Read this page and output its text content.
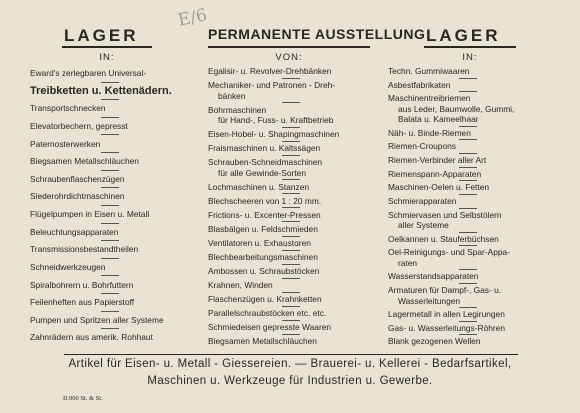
E/6
LAGER
IN:
Eward's zerlegbaren Universal-
Treibketten u. Kettenädern.
Transportschnecken
Elevatorbechern, gepresst
Paternosterwerken
Biegsamen Metallschläuchen
Schraubenflaschenzügen
Siederohrdichtmaschinen
Flügelpumpen in Eisen u. Metall
Beleuchtungsapparaten
Transmissionsbestandtheilen
Schneidwerkzeugen
Spiralbohrern u. Bohrfuttern
Feilenheften aus Papierstoff
Pumpen und Spritzen aller Systeme
Zahnrädern aus amerik. Rohhaut
PERMANENTE AUSSTELLUNG
VON:
Egalisir- u. Revolver-Drehbänken
Mechaniker- und Patronen - Dreh-
bänken
Bohrmaschinen
für Hand-, Fuss- u. Kraftbetrieb
Eisen-Hobel- u. Shapingmaschinen
Fraismaschinen u. Kaltssägen
Schrauben-Schneidmaschinen
für alle Gewinde-Sorten
Lochmaschinen u. Stanzen
Blechscheeren von 1 : 20 mm.
Frictions- u. Excenter-Pressen
Blasbälgen u. Feldschmieden
Ventilatoren u. Exhaustoren
Blechbearbeitungsmaschinen
Ambossen u. Schraubstöcken
Krahnen, Winden
Flaschenzügen u. Krahnketten
Parallelschraubstöcken etc. etc.
Schmiedeisen gepresste Waaren
Biegsamen Metallschläuchen
LAGER
IN:
Techn. Gummiwaaren
Asbestfabrikaten
Maschinentreibriemen
aus Leder, Baumwolle, Gummi,
Balata u. Kameelhaar
Näh- u. Binde-Riemen
Riemen-Croupons
Riemen-Verbinder aller Art
Riemenspann-Apparaten
Maschinen-Oelen u. Fetten
Schmierapparaten
Schmiervasen und Selbstölern
aller Systeme
Oelkannen u. Stauferbüchsen
Oel-Reinigungs- und Spar-Appa-
raten
Wasserstandsapparaten
Armaturen für Dampf-, Gas- u.
Wasserleitungen
Lagermetall in allen Legirungen
Gas- u. Wasserleitungs-Röhren
Blank gezogenen Wellen
Artikel für Eisen- u. Metall - Giessereien. — Brauerei- u. Kellerei - Bedarfsartikel,
Maschinen u. Werkzeuge für Industrien u. Gewerbe.
II.900 St. & St.
